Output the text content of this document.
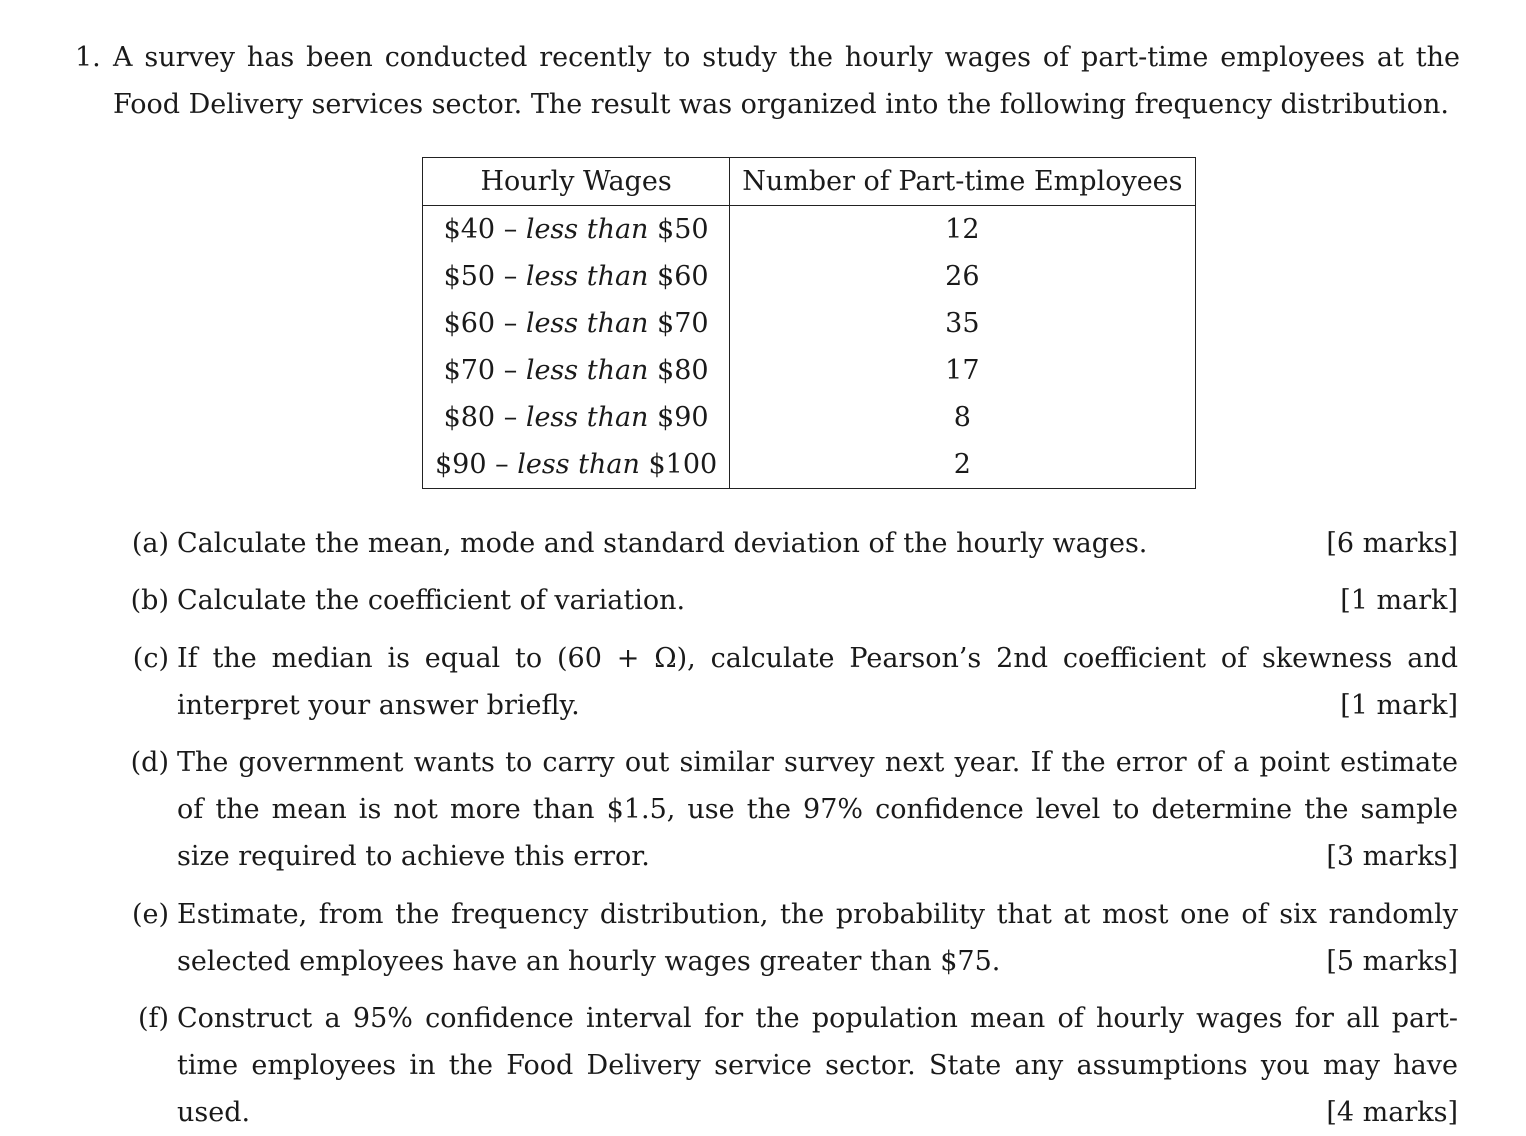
1. A survey has been conducted recently to study the hourly wages of part-time employees at the Food Delivery services sector. The result was organized into the following frequency distribution.
Hourly Wages	Number of Part-time Employees
$40 – less than $50	12
$50 – less than $60	26
$60 – less than $70	35
$70 – less than $80	17
$80 – less than $90	8
$90 – less than $100	2
(a)	[6 marks]
Calculate the mean, mode and standard deviation of the hourly wages.
(b)	[1 mark]
Calculate the coefficient of variation.
(c) If the median is equal to (60 + Ω), calculate Pearson’s 2nd coefficient of skewness and interpret your answer briefly.	[1 mark]
(d) The government wants to carry out similar survey next year. If the error of a point estimate of the mean is not more than $1.5, use the 97% confidence level to determine the sample size required to achieve this error.	[3 marks]
(e) Estimate, from the frequency distribution, the probability that at most one of six randomly selected employees have an hourly wages greater than $75.	[5 marks]
(f) Construct a 95% confidence interval for the population mean of hourly wages for all part-time employees in the Food Delivery service sector. State any assumptions you may have used.	[4 marks]
